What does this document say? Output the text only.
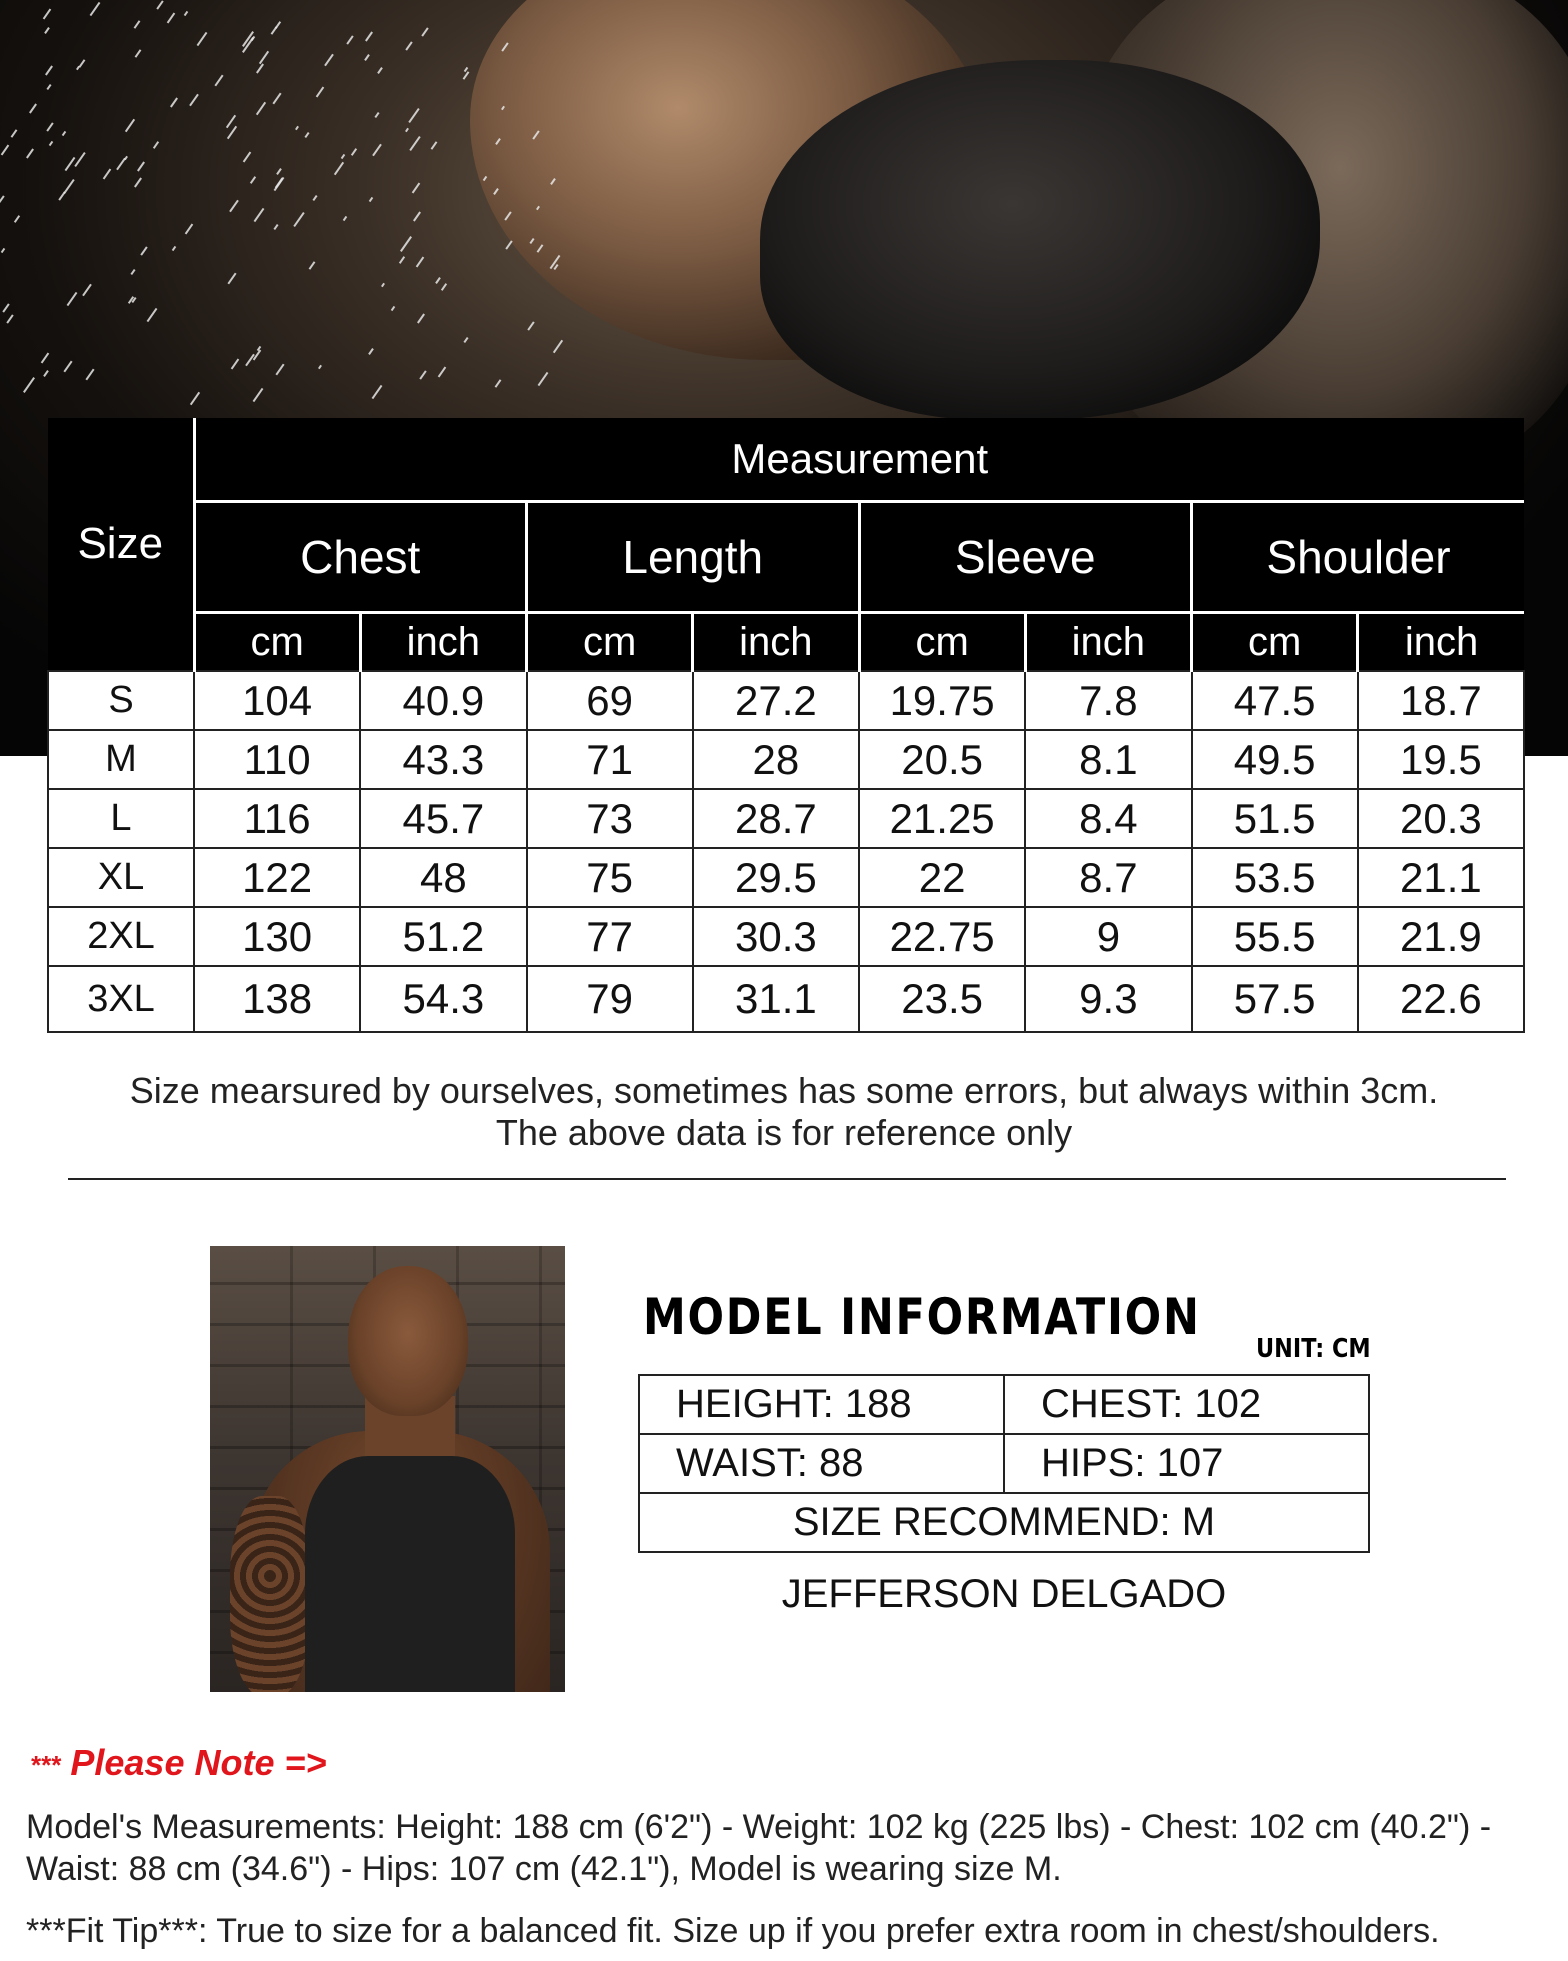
Size	Measurement							
	Chest		Length		Sleeve		Shoulder	
	cm	inch	cm	inch	cm	inch	cm	inch
S	104	40.9	69	27.2	19.75	7.8	47.5	18.7
M	110	43.3	71	28	20.5	8.1	49.5	19.5
L	116	45.7	73	28.7	21.25	8.4	51.5	20.3
XL	122	48	75	29.5	22	8.7	53.5	21.1
2XL	130	51.2	77	30.3	22.75	9	55.5	21.9
3XL	138	54.3	79	31.1	23.5	9.3	57.5	22.6
Size mearsured by ourselves, sometimes has some errors, but always within 3cm.
The above data is for reference only
MODEL INFORMATION
UNIT: CM
HEIGHT: 188	CHEST: 102
WAIST: 88	HIPS: 107
SIZE RECOMMEND: M	
JEFFERSON DELGADO
*** Please Note =>
Model's Measurements: Height: 188 cm (6'2") - Weight: 102 kg (225 lbs) - Chest: 102 cm (40.2") - Waist: 88 cm (34.6") - Hips: 107 cm (42.1"), Model is wearing size M.
***Fit Tip***: True to size for a balanced fit. Size up if you prefer extra room in chest/shoulders.
